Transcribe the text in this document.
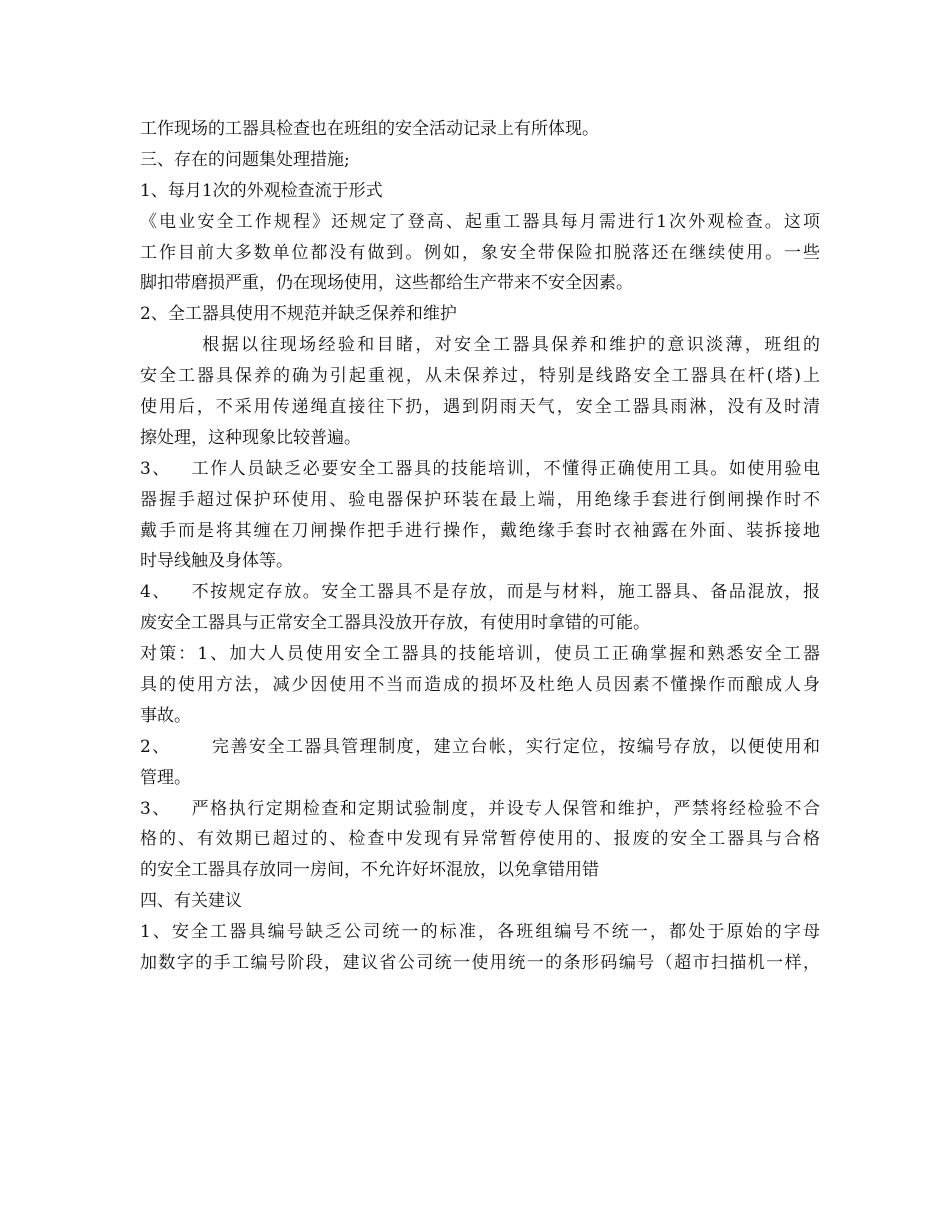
工作现场的工器具检查也在班组的安全活动记录上有所体现。
三、存在的问题集处理措施;
1、每月1次的外观检查流于形式
《电业安全工作规程》还规定了登高、起重工器具每月需进行1次外观检查。这项
工作目前大多数单位都没有做到。例如，象安全带保险扣脱落还在继续使用。一些
脚扣带磨损严重，仍在现场使用，这些都给生产带来不安全因素。
2、全工器具使用不规范并缺乏保养和维护
根据以往现场经验和目睹，对安全工器具保养和维护的意识淡薄，班组的
安全工器具保养的确为引起重视，从未保养过，特别是线路安全工器具在杆(塔)上
使用后，不采用传递绳直接往下扔，遇到阴雨天气，安全工器具雨淋，没有及时清
擦处理，这种现象比较普遍。
3、   工作人员缺乏必要安全工器具的技能培训，不懂得正确使用工具。如使用验电
器握手超过保护环使用、验电器保护环装在最上端，用绝缘手套进行倒闸操作时不
戴手而是将其缠在刀闸操作把手进行操作，戴绝缘手套时衣袖露在外面、装拆接地
时导线触及身体等。
4、   不按规定存放。安全工器具不是存放，而是与材料，施工器具、备品混放，报
废安全工器具与正常安全工器具没放开存放，有使用时拿错的可能。
对策：1、加大人员使用安全工器具的技能培训，使员工正确掌握和熟悉安全工器
具的使用方法，减少因使用不当而造成的损坏及杜绝人员因素不懂操作而酿成人身
事故。
2、      完善安全工器具管理制度，建立台帐，实行定位，按编号存放，以便使用和
管理。
3、   严格执行定期检查和定期试验制度，并设专人保管和维护，严禁将经检验不合
格的、有效期已超过的、检查中发现有异常暂停使用的、报废的安全工器具与合格
的安全工器具存放同一房间，不允许好坏混放，以免拿错用错
四、有关建议
1、安全工器具编号缺乏公司统一的标准，各班组编号不统一，都处于原始的字母
加数字的手工编号阶段，建议省公司统一使用统一的条形码编号（超市扫描机一样，
